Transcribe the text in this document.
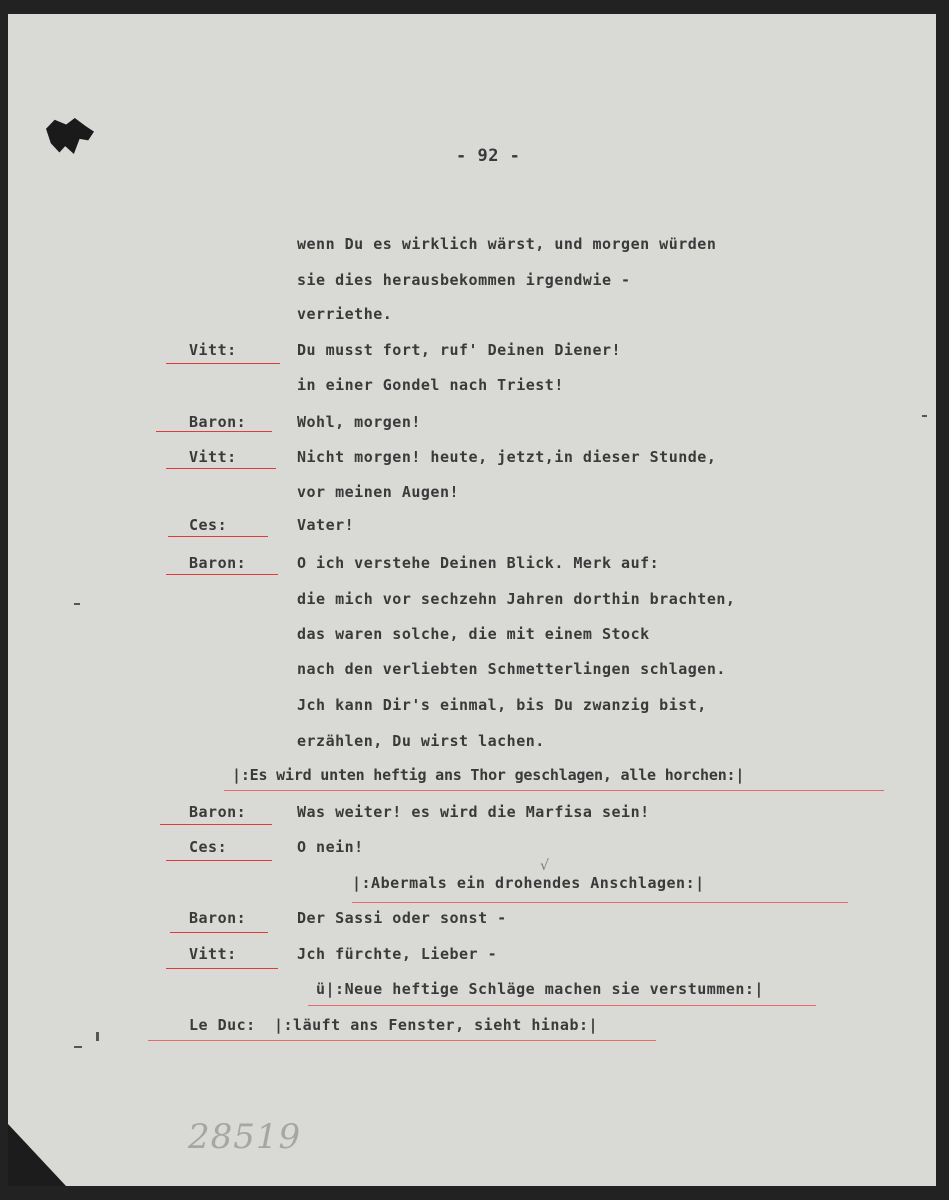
√
- 92 -
Vitt:
Baron:
Vitt:
Ces:
Baron:
Baron:
Ces:
Baron:
Vitt:
Le Duc:
wenn Du es wirklich wärst, und morgen würden
sie dies herausbekommen irgendwie -
verriethe.
Du musst fort, ruf' Deinen Diener!
in einer Gondel nach Triest!
Wohl, morgen!
Nicht morgen! heute, jetzt,in dieser Stunde,
vor meinen Augen!
Vater!
O ich verstehe Deinen Blick. Merk auf:
die mich vor sechzehn Jahren dorthin brachten,
das waren solche, die mit einem Stock
nach den verliebten Schmetterlingen schlagen.
Jch kann Dir's einmal, bis Du zwanzig bist,
erzählen, Du wirst lachen.
|:Es wird unten heftig ans Thor geschlagen, alle horchen:|
Was weiter! es wird die Marfisa sein!
O nein!
|:Abermals ein drohendes Anschlagen:|
Der Sassi oder sonst -
Jch fürchte, Lieber -
ü|:Neue heftige Schläge machen sie verstummen:|
|:läuft ans Fenster, sieht hinab:|
28519
